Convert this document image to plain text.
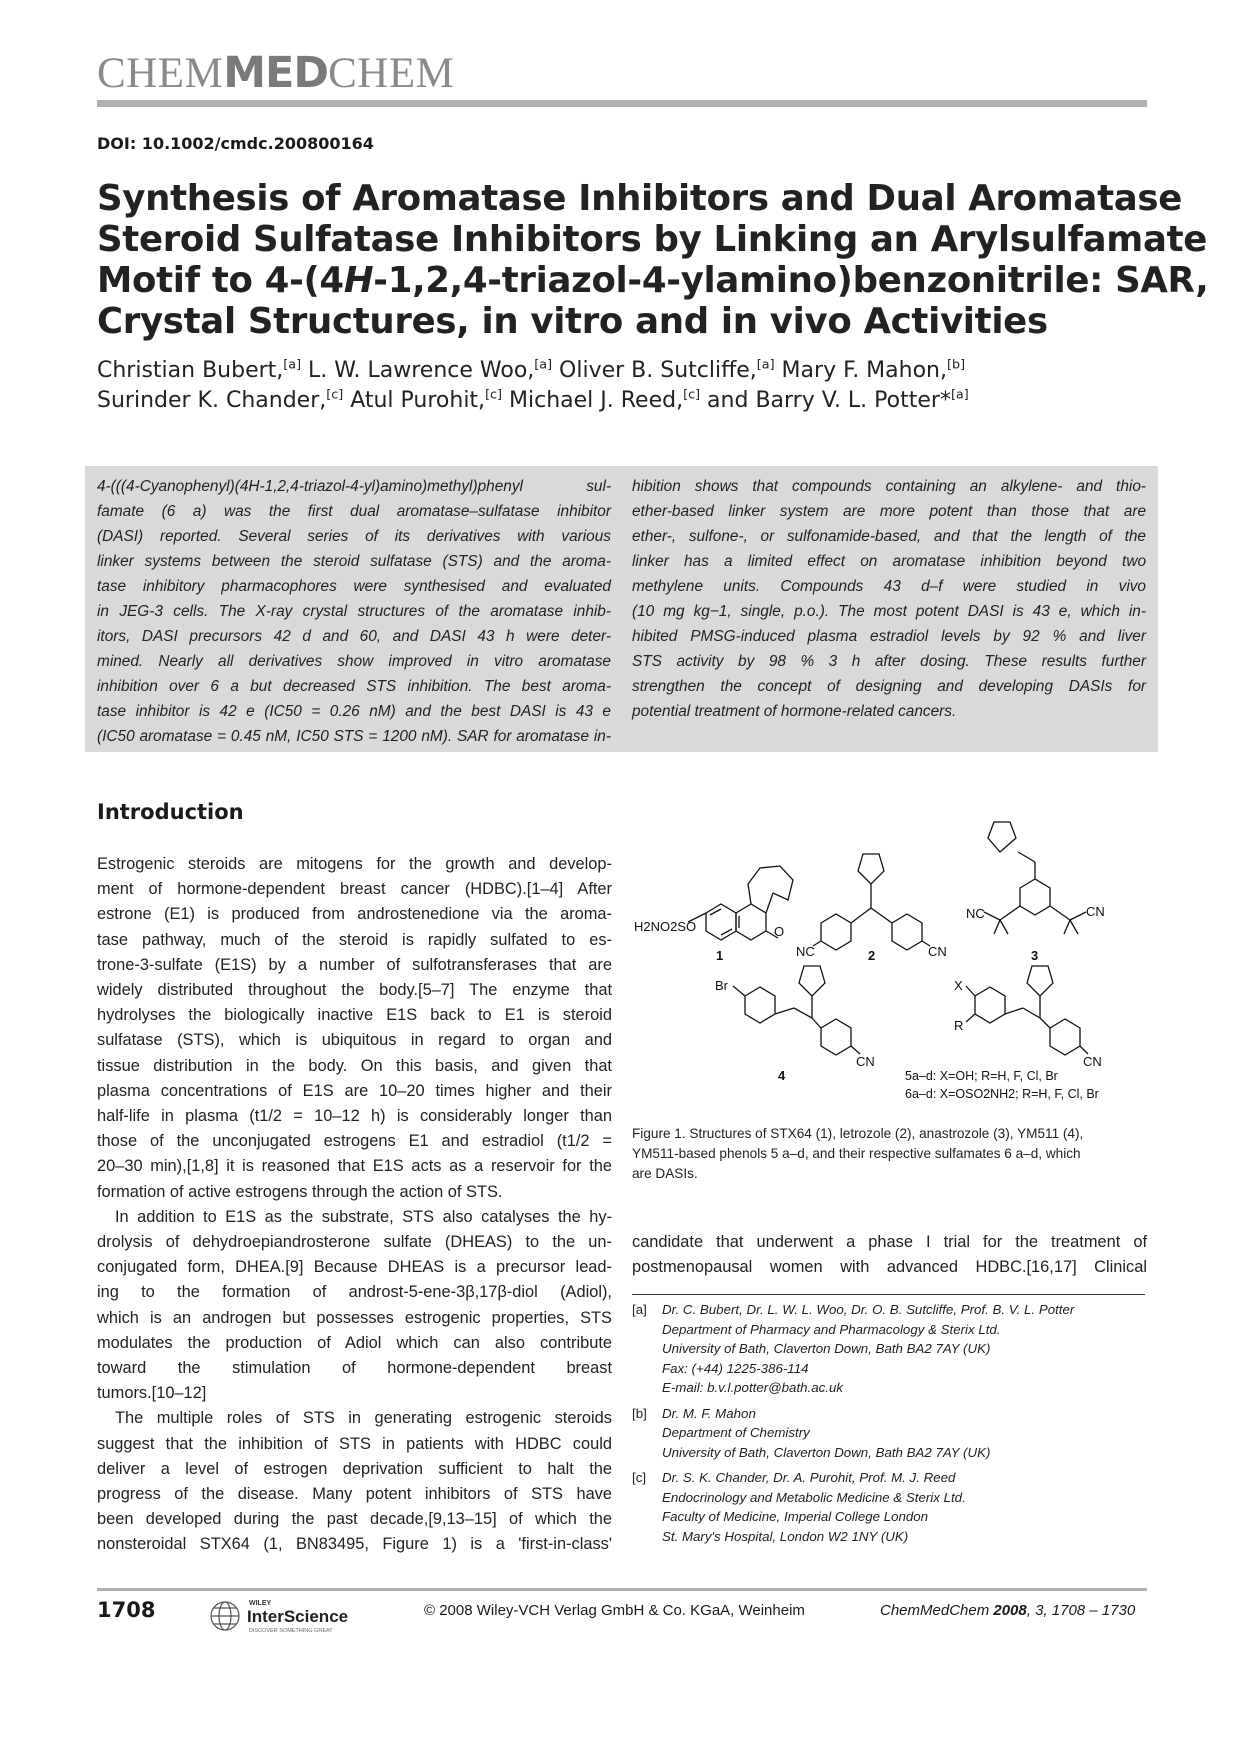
CHEMMEDCHEM
DOI: 10.1002/cmdc.200800164
Synthesis of Aromatase Inhibitors and Dual Aromatase
Steroid Sulfatase Inhibitors by Linking an Arylsulfamate
Motif to 4-(4H-1,2,4-triazol-4-ylamino)benzonitrile: SAR,
Crystal Structures, in vitro and in vivo Activities
Christian Bubert,[a] L. W. Lawrence Woo,[a] Oliver B. Sutcliffe,[a] Mary F. Mahon,[b]
Surinder K. Chander,[c] Atul Purohit,[c] Michael J. Reed,[c] and Barry V. L. Potter*[a]
4-(((4-Cyanophenyl)(4H-1,2,4-triazol-4-yl)amino)methyl)phenyl sul-
famate (6 a) was the first dual aromatase–sulfatase inhibitor
(DASI) reported. Several series of its derivatives with various
linker systems between the steroid sulfatase (STS) and the aroma-
tase inhibitory pharmacophores were synthesised and evaluated
in JEG-3 cells. The X-ray crystal structures of the aromatase inhib-
itors, DASI precursors 42 d and 60, and DASI 43 h were deter-
mined. Nearly all derivatives show improved in vitro aromatase
inhibition over 6 a but decreased STS inhibition. The best aroma-
tase inhibitor is 42 e (IC50 = 0.26 nM) and the best DASI is 43 e
(IC50 aromatase = 0.45 nM, IC50 STS = 1200 nM). SAR for aromatase in-
hibition shows that compounds containing an alkylene- and thio-
ether-based linker system are more potent than those that are
ether-, sulfone-, or sulfonamide-based, and that the length of the
linker has a limited effect on aromatase inhibition beyond two
methylene units. Compounds 43 d–f were studied in vivo
(10 mg kg−1, single, p.o.). The most potent DASI is 43 e, which in-
hibited PMSG-induced plasma estradiol levels by 92 % and liver
STS activity by 98 % 3 h after dosing. These results further
strengthen the concept of designing and developing DASIs for
potential treatment of hormone-related cancers.
Introduction
Estrogenic steroids are mitogens for the growth and develop-
ment of hormone-dependent breast cancer (HDBC).[1–4] After
estrone (E1) is produced from androstenedione via the aroma-
tase pathway, much of the steroid is rapidly sulfated to es-
trone-3-sulfate (E1S) by a number of sulfotransferases that are
widely distributed throughout the body.[5–7] The enzyme that
hydrolyses the biologically inactive E1S back to E1 is steroid
sulfatase (STS), which is ubiquitous in regard to organ and
tissue distribution in the body. On this basis, and given that
plasma concentrations of E1S are 10–20 times higher and their
half-life in plasma (t1/2 = 10–12 h) is considerably longer than
those of the unconjugated estrogens E1 and estradiol (t1/2 =
20–30 min),[1,8] it is reasoned that E1S acts as a reservoir for the
formation of active estrogens through the action of STS.
In addition to E1S as the substrate, STS also catalyses the hy-
drolysis of dehydroepiandrosterone sulfate (DHEAS) to the un-
conjugated form, DHEA.[9] Because DHEAS is a precursor lead-
ing to the formation of androst-5-ene-3β,17β-diol (Adiol),
which is an androgen but possesses estrogenic properties, STS
modulates the production of Adiol which can also contribute
toward the stimulation of hormone-dependent breast
tumors.[10–12]
The multiple roles of STS in generating estrogenic steroids
suggest that the inhibition of STS in patients with HDBC could
deliver a level of estrogen deprivation sufficient to halt the
progress of the disease. Many potent inhibitors of STS have
been developed during the past decade,[9,13–15] of which the
nonsteroidal STX64 (1, BN83495, Figure 1) is a 'first-in-class'
H2NO2SO	O
NC	CN
NC	CN
Br
CN
X
R
CN
1	2	3
4	5a–d: X=OH; R=H, F, Cl, Br
6a–d: X=OSO2NH2; R=H, F, Cl, Br
Figure 1. Structures of STX64 (1), letrozole (2), anastrozole (3), YM511 (4),
YM511-based phenols 5 a–d, and their respective sulfamates 6 a–d, which
are DASIs.
candidate that underwent a phase I trial for the treatment of
postmenopausal women with advanced HDBC.[16,17] Clinical
[a] Dr. C. Bubert, Dr. L. W. L. Woo, Dr. O. B. Sutcliffe, Prof. B. V. L. Potter
Department of Pharmacy and Pharmacology & Sterix Ltd.
University of Bath, Claverton Down, Bath BA2 7AY (UK)
Fax: (+44) 1225-386-114
E-mail: b.v.l.potter@bath.ac.uk
[b] Dr. M. F. Mahon
Department of Chemistry
University of Bath, Claverton Down, Bath BA2 7AY (UK)
[c] Dr. S. K. Chander, Dr. A. Purohit, Prof. M. J. Reed
Endocrinology and Metabolic Medicine & Sterix Ltd.
Faculty of Medicine, Imperial College London
St. Mary's Hospital, London W2 1NY (UK)
1708	WILEY
InterScience
DISCOVER SOMETHING GREAT
© 2008 Wiley-VCH Verlag GmbH & Co. KGaA, Weinheim	ChemMedChem 2008, 3, 1708 – 1730
